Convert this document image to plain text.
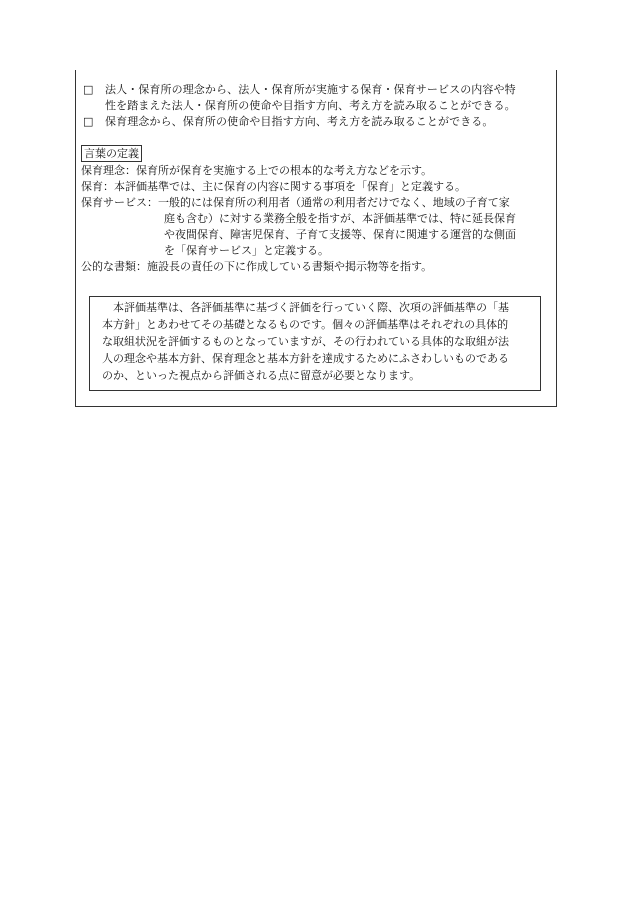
□	法人・保育所の理念から、法人・保育所が実施する保育・保育サービスの内容や特
性を踏まえた法人・保育所の使命や目指す方向、考え方を読み取ることができる。
□	保育理念から、保育所の使命や目指す方向、考え方を読み取ることができる。
言葉の定義
保育理念：保育所が保育を実施する上での根本的な考え方などを示す。
保育：本評価基準では、主に保育の内容に関する事項を「保育」と定義する。
保育サービス：一般的には保育所の利用者（通常の利用者だけでなく、地域の子育て家
庭も含む）に対する業務全般を指すが、本評価基準では、特に延長保育
や夜間保育、障害児保育、子育て支援等、保育に関連する運営的な側面
を「保育サービス」と定義する。
公的な書類：施設長の責任の下に作成している書類や掲示物等を指す。
　本評価基準は、各評価基準に基づく評価を行っていく際、次項の評価基準の「基
本方針」とあわせてその基礎となるものです。個々の評価基準はそれぞれの具体的
な取組状況を評価するものとなっていますが、その行われている具体的な取組が法
人の理念や基本方針、保育理念と基本方針を達成するためにふさわしいものである
のか、といった視点から評価される点に留意が必要となります。
